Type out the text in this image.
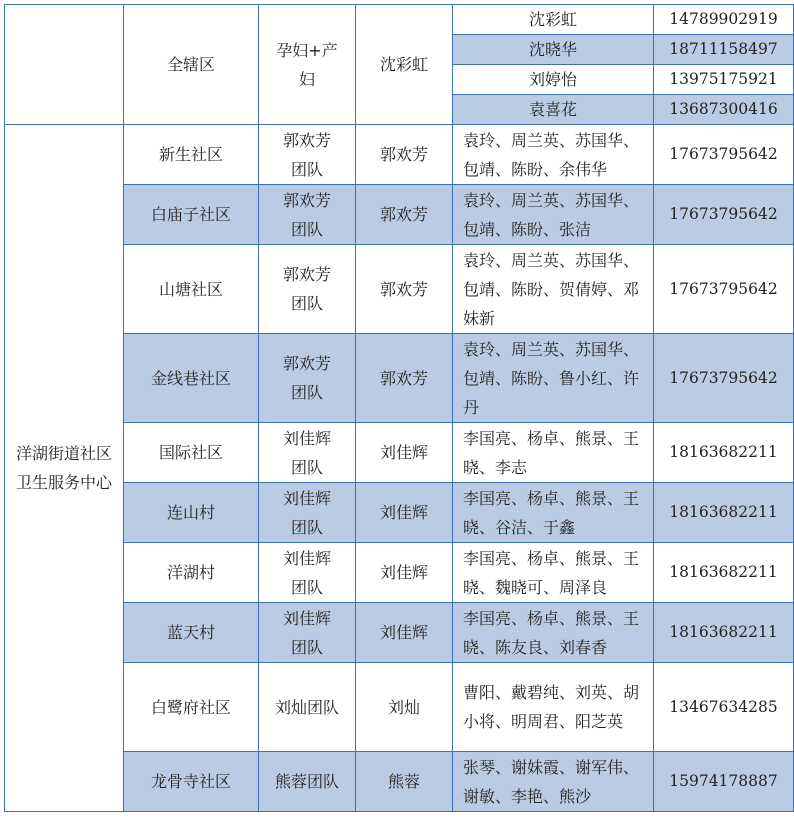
	全辖区	孕妇+产妇	沈彩虹	沈彩虹	14789902919
				沈晓华	18711158497
				刘婷怡	13975175921
				袁喜花	13687300416
洋湖街道社区卫生服务中心	新生社区	郭欢芳团队	郭欢芳	袁玲、周兰英、苏国华、包靖、陈盼、余伟华	17673795642
	白庙子社区	郭欢芳团队	郭欢芳	袁玲、周兰英、苏国华、包靖、陈盼、张洁	17673795642
	山塘社区	郭欢芳团队	郭欢芳	袁玲、周兰英、苏国华、包靖、陈盼、贺倩婷、邓妹新	17673795642
	金线巷社区	郭欢芳团队	郭欢芳	袁玲、周兰英、苏国华、包靖、陈盼、鲁小红、许丹	17673795642
	国际社区	刘佳辉团队	刘佳辉	李国亮、杨卓、熊景、王晓、李志	18163682211
	连山村	刘佳辉团队	刘佳辉	李国亮、杨卓、熊景、王晓、谷洁、于鑫	18163682211
	洋湖村	刘佳辉团队	刘佳辉	李国亮、杨卓、熊景、王晓、魏晓可、周泽良	18163682211
	蓝天村	刘佳辉团队	刘佳辉	李国亮、杨卓、熊景、王晓、陈友良、刘春香	18163682211
	白鹭府社区	刘灿团队	刘灿	曹阳、戴碧纯、刘英、胡小将、明周君、阳芝英	13467634285
	龙骨寺社区	熊蓉团队	熊蓉	张琴、谢妹霞、谢军伟、谢敏、李艳、熊沙	15974178887
